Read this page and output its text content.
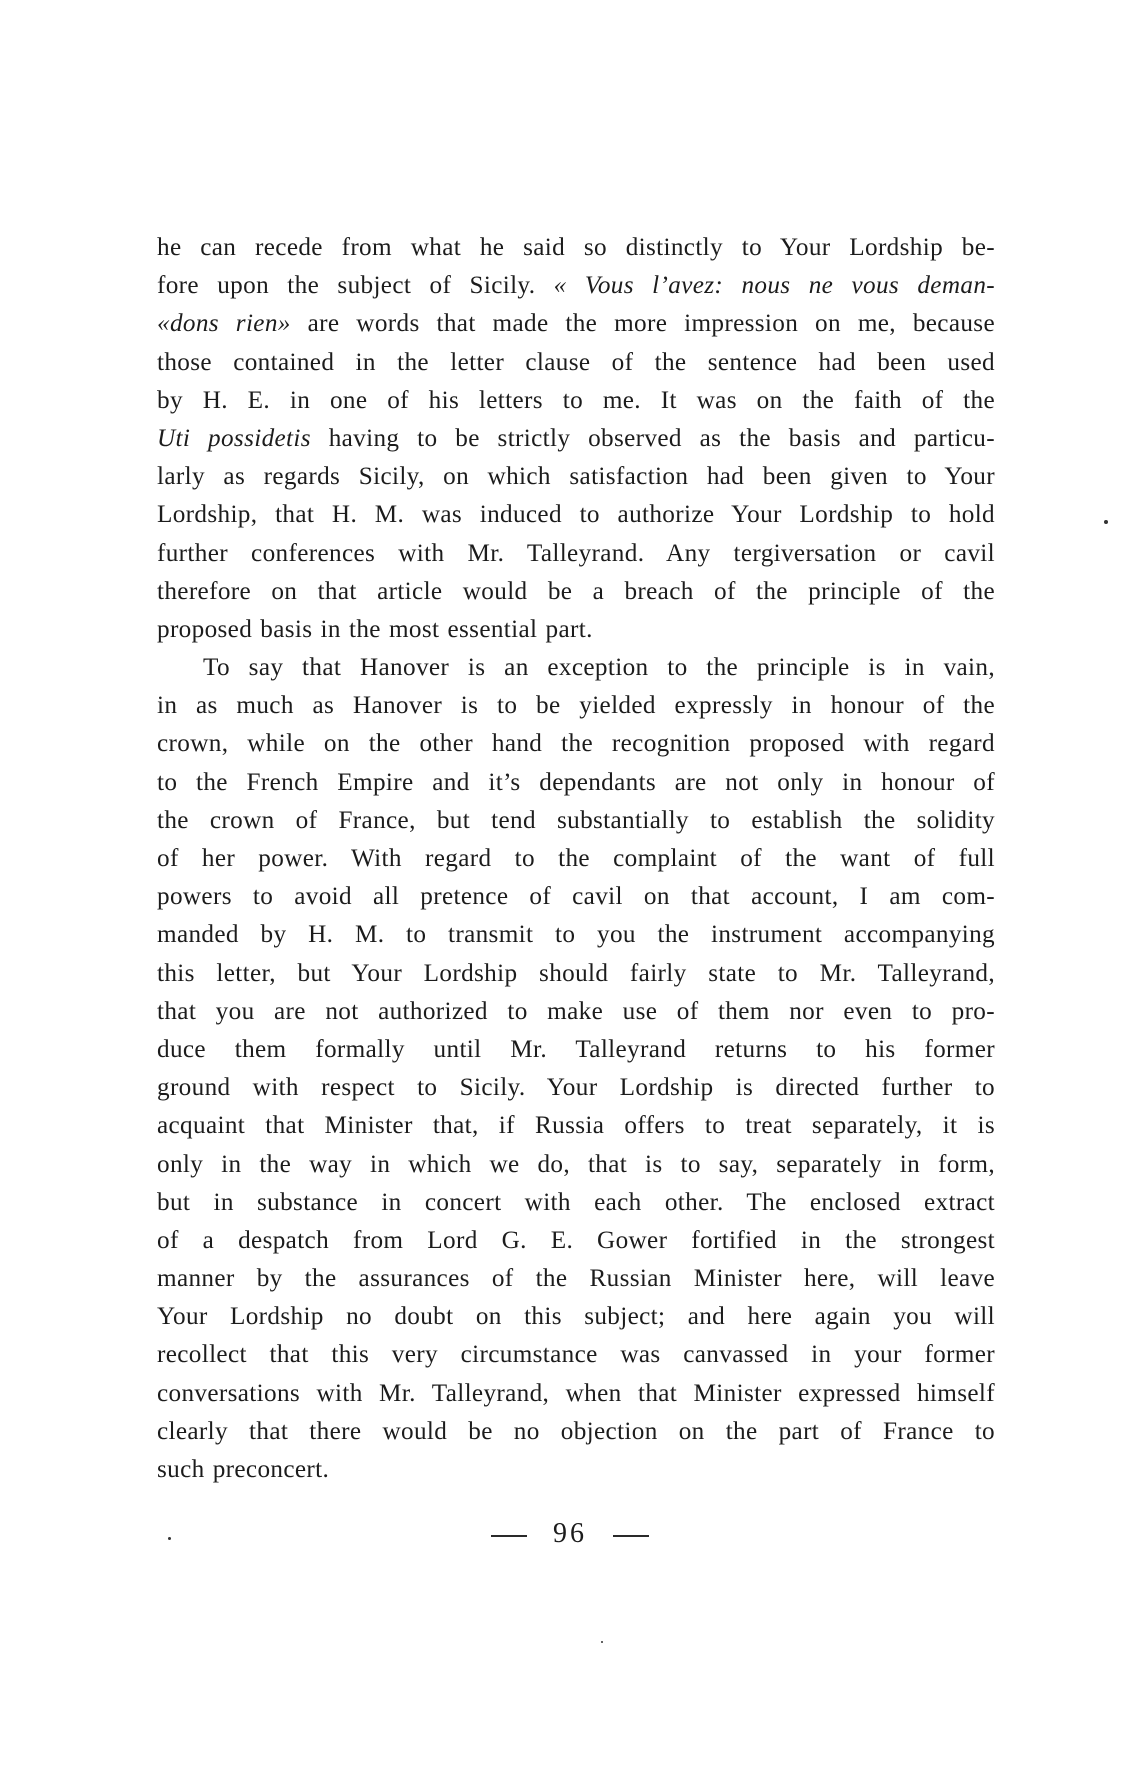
he can recede from what he said so distinctly to Your Lordship be-
fore upon the subject of Sicily. « Vous l’avez: nous ne vous deman-
«dons rien» are words that made the more impression on me, because
those contained in the letter clause of the sentence had been used
by H. E. in one of his letters to me. It was on the faith of the
Uti possidetis having to be strictly observed as the basis and particu-
larly as regards Sicily, on which satisfaction had been given to Your
Lordship, that H. M. was induced to authorize Your Lordship to hold
further conferences with Mr. Talleyrand. Any tergiversation or cavil
therefore on that article would be a breach of the principle of the
proposed basis in the most essential part.
To say that Hanover is an exception to the principle is in vain,
in as much as Hanover is to be yielded expressly in honour of the
crown, while on the other hand the recognition proposed with regard
to the French Empire and it’s dependants are not only in honour of
the crown of France, but tend substantially to establish the solidity
of her power. With regard to the complaint of the want of full
powers to avoid all pretence of cavil on that account, I am com-
manded by H. M. to transmit to you the instrument accompanying
this letter, but Your Lordship should fairly state to Mr. Talleyrand,
that you are not authorized to make use of them nor even to pro-
duce them formally until Mr. Talleyrand returns to his former
ground with respect to Sicily. Your Lordship is directed further to
acquaint that Minister that, if Russia offers to treat separately, it is
only in the way in which we do, that is to say, separately in form,
but in substance in concert with each other. The enclosed extract
of a despatch from Lord G. E. Gower fortified in the strongest
manner by the assurances of the Russian Minister here, will leave
Your Lordship no doubt on this subject; and here again you will
recollect that this very circumstance was canvassed in your former
conversations with Mr. Talleyrand, when that Minister expressed himself
clearly that there would be no objection on the part of France to
such preconcert.
96
